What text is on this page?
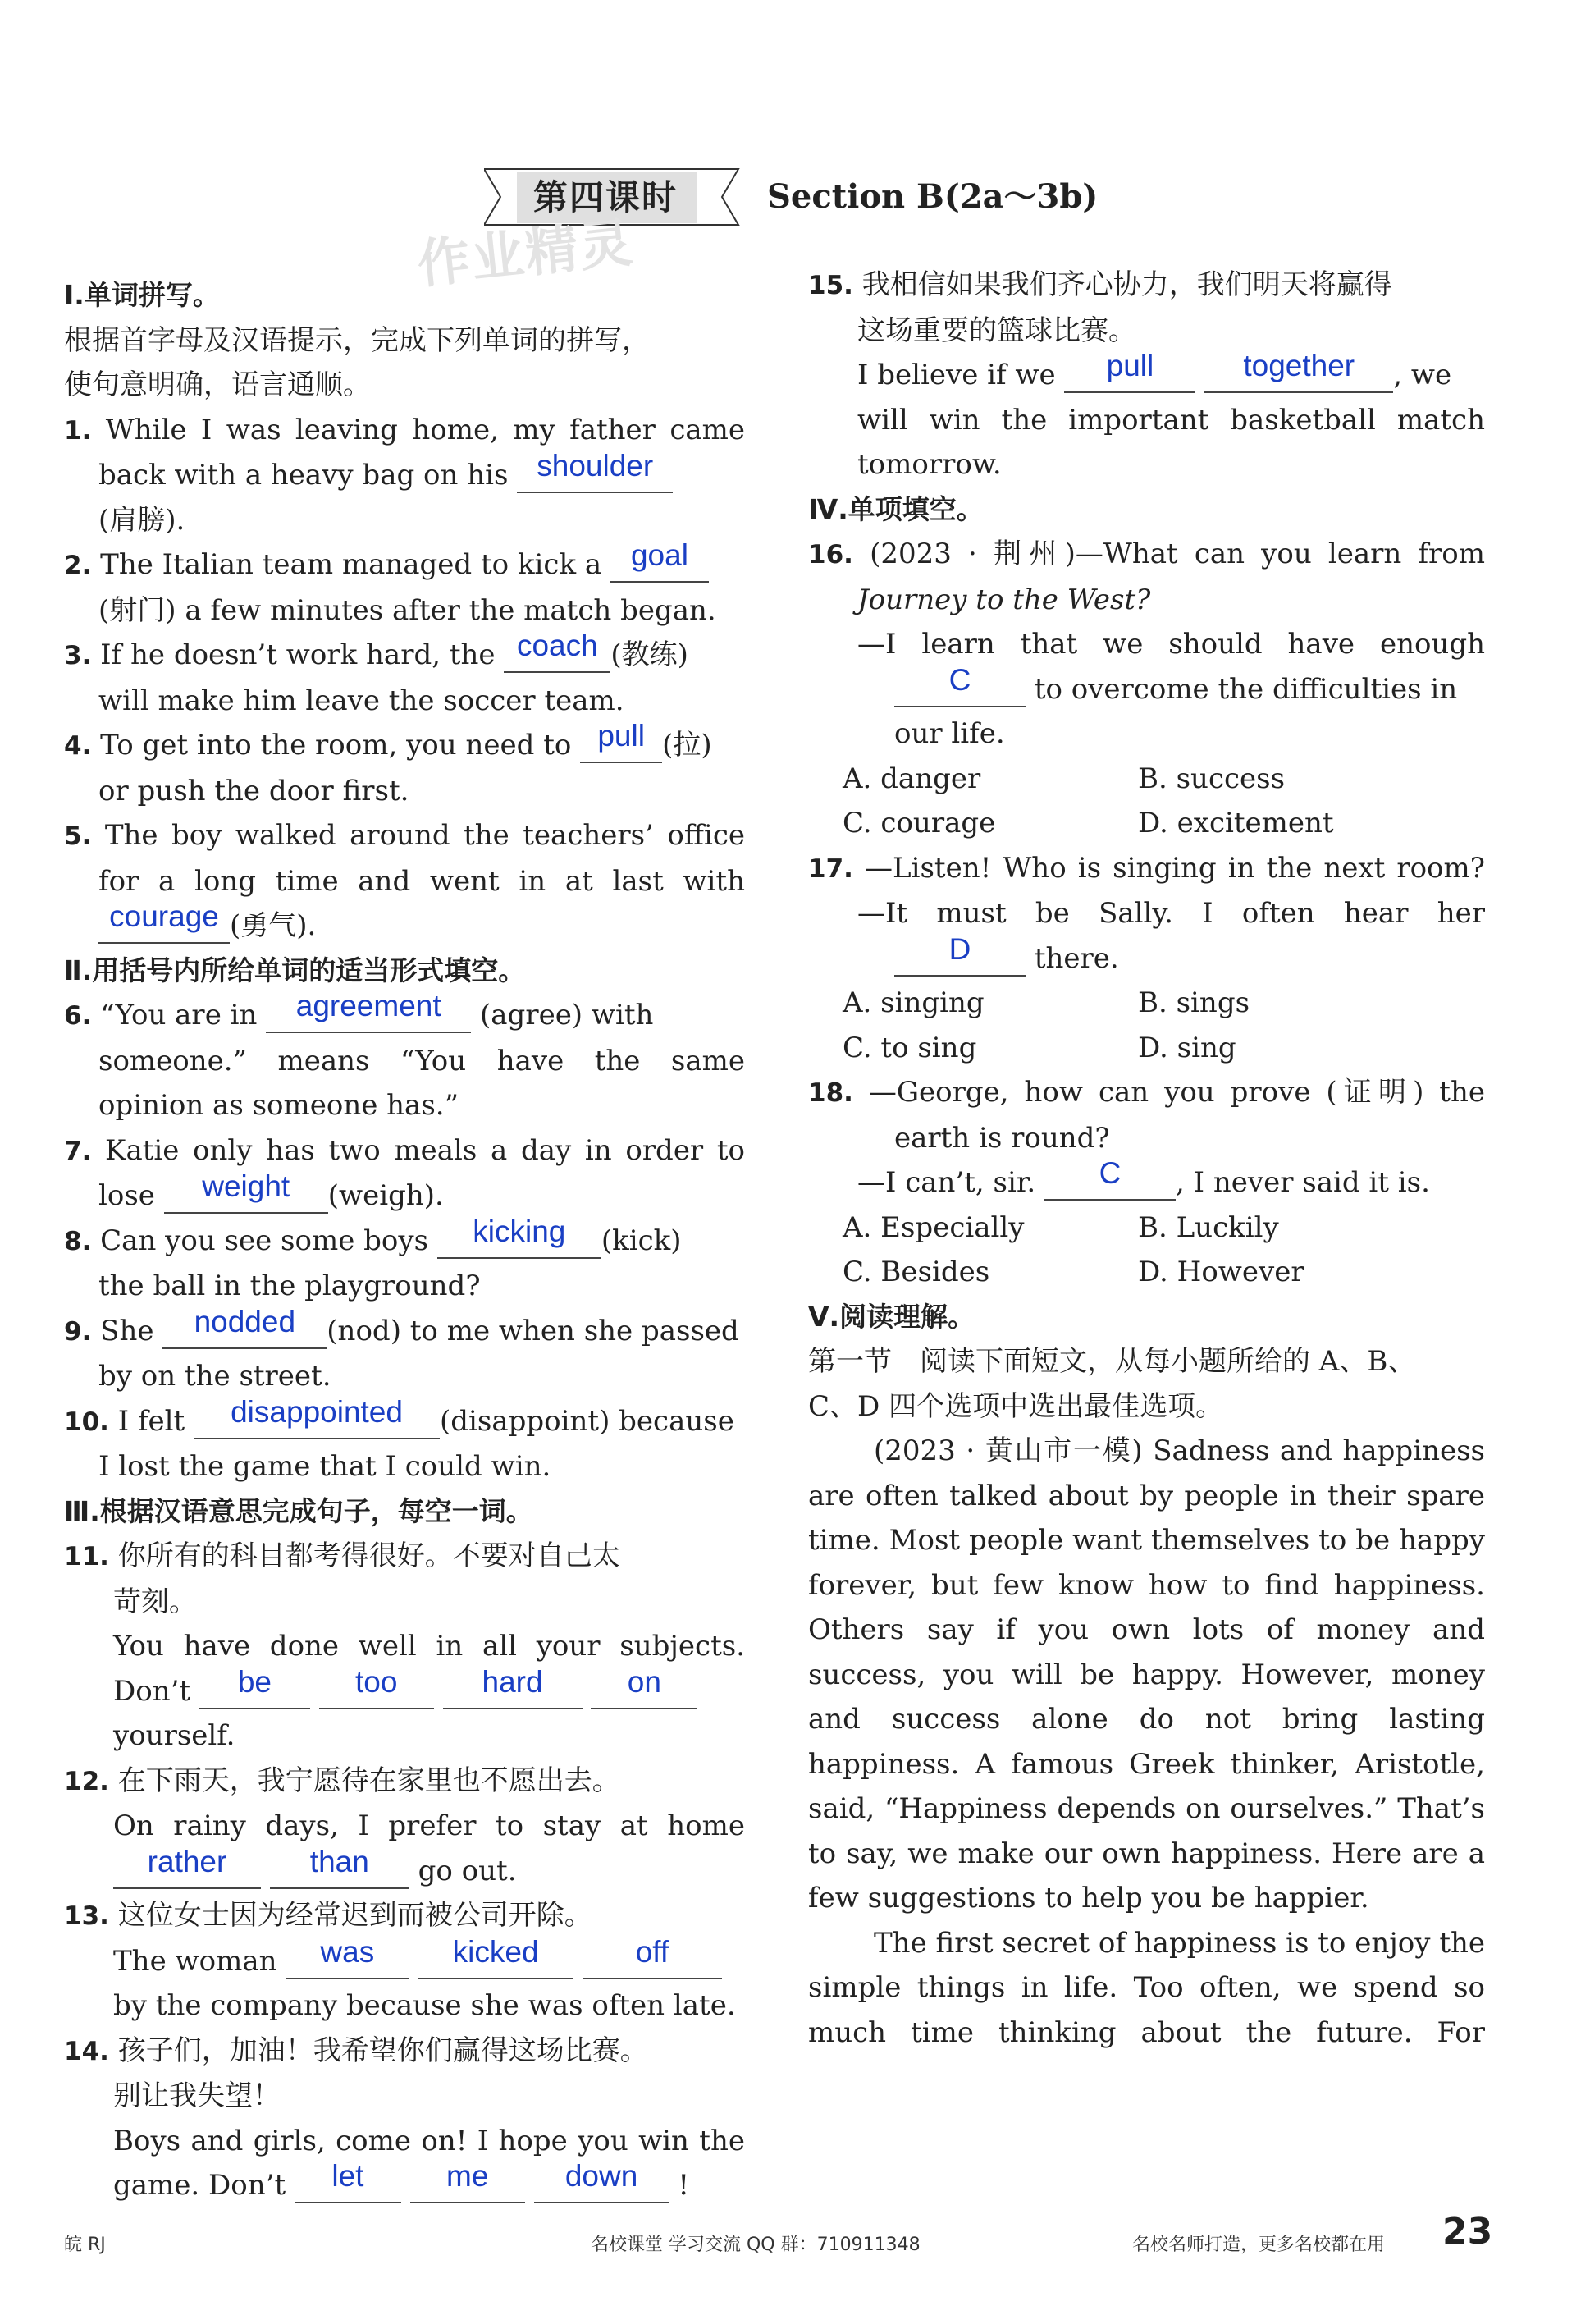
第四课时	Section B(2a～3b)
作业精灵
Ⅰ.单词拼写。
根据首字母及汉语提示，完成下列单词的拼写，
使句意明确，语言通顺。
1. While I was leaving home, my father came
back with a heavy bag on his shoulder
(肩膀).
2. The Italian team managed to kick a goal
(射门) a few minutes after the match began.
3. If he doesn’t work hard, the coach (教练)
will make him leave the soccer team.
4. To get into the room, you need to pull (拉)
or push the door first.
5. The boy walked around the teachers’ office
for a long time and went in at last with
courage (勇气).
Ⅱ.用括号内所给单词的适当形式填空。
6. “You are in agreement (agree) with
someone.” means “You have the same
opinion as someone has.”
7. Katie only has two meals a day in order to
lose weight (weigh).
8. Can you see some boys kicking (kick)
the ball in the playground?
9. She nodded (nod) to me when she passed
by on the street.
10. I felt disappointed (disappoint) because
I lost the game that I could win.
Ⅲ.根据汉语意思完成句子，每空一词。
11. 你所有的科目都考得很好。不要对自己太
苛刻。
You have done well in all your subjects.
Don’t be	too	hard	on
yourself.
12. 在下雨天，我宁愿待在家里也不愿出去。
On rainy days, I prefer to stay at home
rather	than go out.
13. 这位女士因为经常迟到而被公司开除。
The woman was	kicked	off
by the company because she was often late.
14. 孩子们，加油！我希望你们赢得这场比赛。
别让我失望！
Boys and girls, come on! I hope you win the
game. Don’t let	me	down !
15. 我相信如果我们齐心协力，我们明天将赢得
这场重要的篮球比赛。
I believe if we pull	together , we
will win the important basketball match
tomorrow.
Ⅳ.单项填空。
16. (2023 · 荆州)—What can you learn from
Journey to the West?
—I learn that we should have enough
C to overcome the difficulties in
our life.
A. danger	B. success
C. courage	D. excitement
17. —Listen! Who is singing in the next room?
—It must be Sally. I often hear her
D there.
A. singing	B. sings
C. to sing	D. sing
18. —George, how can you prove (证明) the
earth is round?
—I can’t, sir. C , I never said it is.
A. Especially	B. Luckily
C. Besides	D. However
Ⅴ.阅读理解。
第一节　阅读下面短文，从每小题所给的 A、B、
C、D 四个选项中选出最佳选项。
(2023 · 黄山市一模) Sadness and happiness are often talked about by people in their spare time. Most people want themselves to be happy forever, but few know how to find happiness. Others say if you own lots of money and success, you will be happy. However, money and success alone do not bring lasting happiness. A famous Greek thinker, Aristotle, said, “Happiness depends on ourselves.” That’s to say, we make our own happiness. Here are a few suggestions to help you be happier.
The first secret of happiness is to enjoy the simple things in life. Too often, we spend so much time thinking about the future. For
皖 RJ	名校课堂 学习交流 QQ 群：710911348	名校名师打造，更多名校都在用 23
